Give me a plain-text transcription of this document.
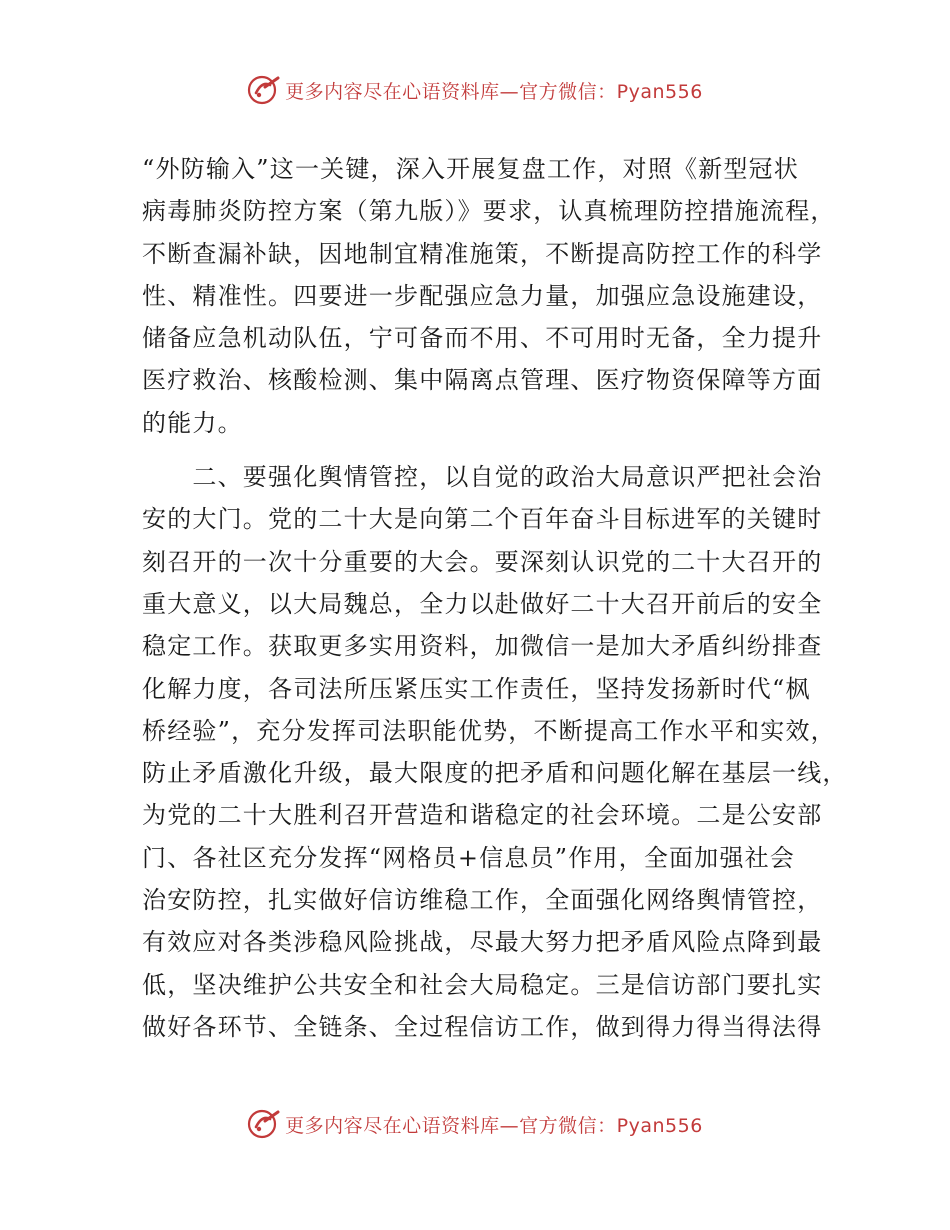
更多内容尽在心语资料库—官方微信：Pyan556

“外防输入”这一关键，深入开展复盘工作，对照《新型冠状
病毒肺炎防控方案（第九版）》要求，认真梳理防控措施流程，
不断查漏补缺，因地制宜精准施策，不断提高防控工作的科学
性、精准性。四要进一步配强应急力量，加强应急设施建设，
储备应急机动队伍，宁可备而不用、不可用时无备，全力提升
医疗救治、核酸检测、集中隔离点管理、医疗物资保障等方面
的能力。

　　二、要强化舆情管控，以自觉的政治大局意识严把社会治
安的大门。党的二十大是向第二个百年奋斗目标进军的关键时
刻召开的一次十分重要的大会。要深刻认识党的二十大召开的
重大意义，以大局魏总，全力以赴做好二十大召开前后的安全
稳定工作。获取更多实用资料，加微信一是加大矛盾纠纷排查
化解力度，各司法所压紧压实工作责任，坚持发扬新时代“枫
桥经验”，充分发挥司法职能优势，不断提高工作水平和实效，
防止矛盾激化升级，最大限度的把矛盾和问题化解在基层一线，
为党的二十大胜利召开营造和谐稳定的社会环境。二是公安部
门、各社区充分发挥“网格员+信息员”作用，全面加强社会
治安防控，扎实做好信访维稳工作，全面强化网络舆情管控，
有效应对各类涉稳风险挑战，尽最大努力把矛盾风险点降到最
低，坚决维护公共安全和社会大局稳定。三是信访部门要扎实
做好各环节、全链条、全过程信访工作，做到得力得当得法得

更多内容尽在心语资料库—官方微信：Pyan556
